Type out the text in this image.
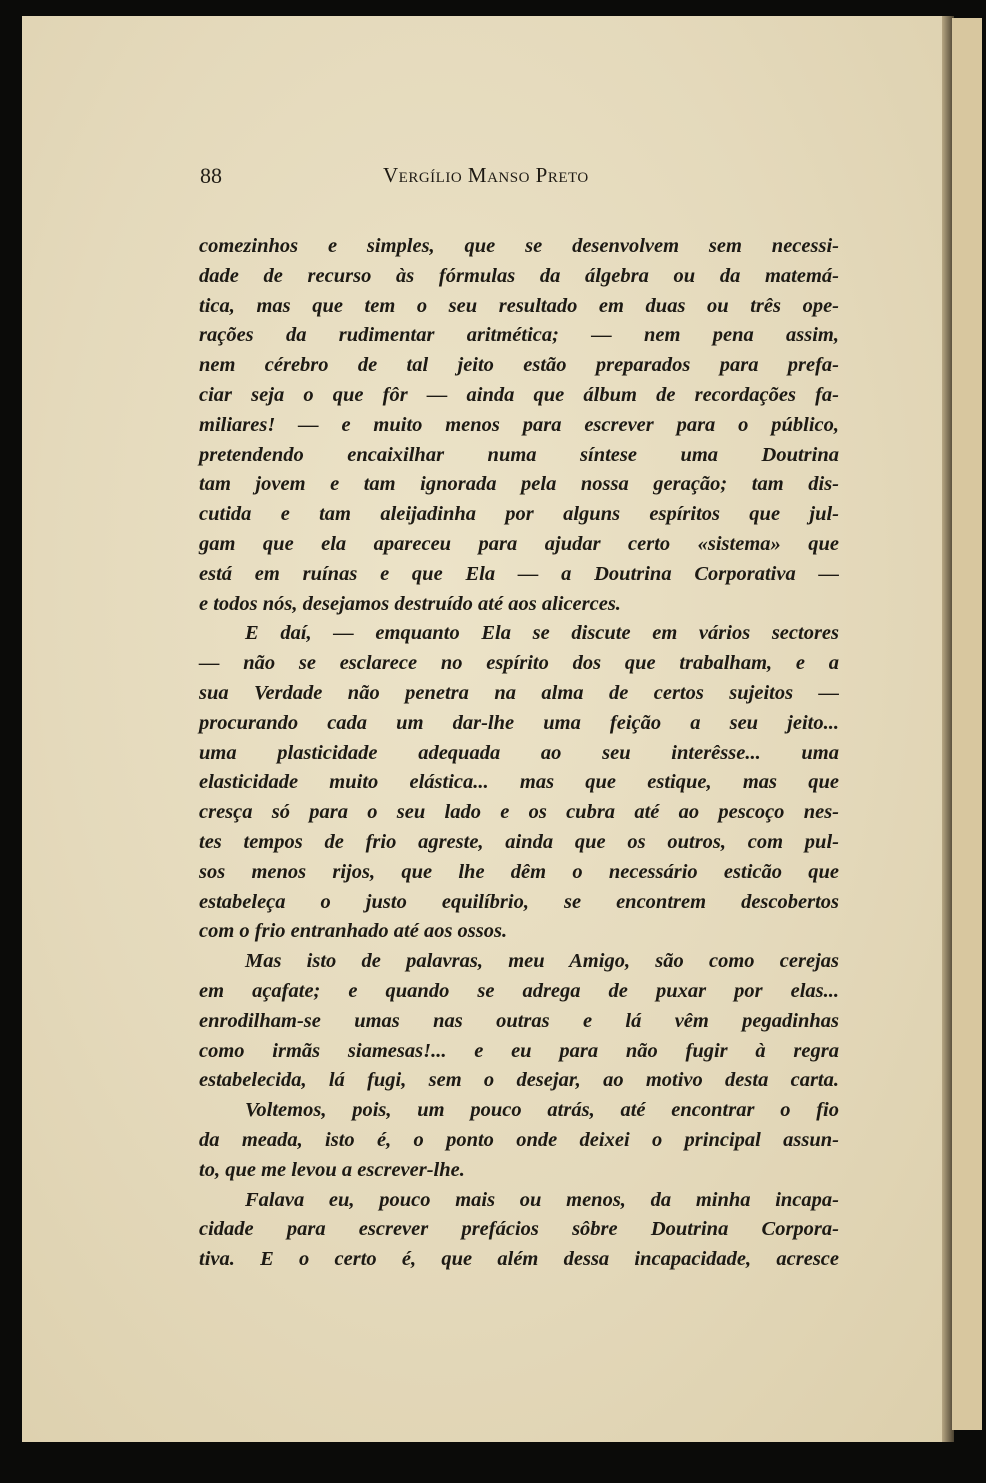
88	Vergílio Manso Preto
comezinhos e simples, que se desenvolvem sem necessi-
dade de recurso às fórmulas da álgebra ou da matemá-
tica, mas que tem o seu resultado em duas ou três ope-
rações da rudimentar aritmética; — nem pena assim,
nem cérebro de tal jeito estão preparados para prefa-
ciar seja o que fôr — ainda que álbum de recordações fa-
miliares! — e muito menos para escrever para o público,
pretendendo encaixilhar numa síntese uma Doutrina
tam jovem e tam ignorada pela nossa geração; tam dis-
cutida e tam aleijadinha por alguns espíritos que jul-
gam que ela apareceu para ajudar certo «sistema» que
está em ruínas e que Ela — a Doutrina Corporativa —
e todos nós, desejamos destruído até aos alicerces.
E daí, — emquanto Ela se discute em vários sectores
— não se esclarece no espírito dos que trabalham, e a
sua Verdade não penetra na alma de certos sujeitos —
procurando cada um dar-lhe uma feição a seu jeito...
uma plasticidade adequada ao seu interêsse... uma
elasticidade muito elástica... mas que estique, mas que
cresça só para o seu lado e os cubra até ao pescoço nes-
tes tempos de frio agreste, ainda que os outros, com pul-
sos menos rijos, que lhe dêm o necessário esticão que
estabeleça o justo equilíbrio, se encontrem descobertos
com o frio entranhado até aos ossos.
Mas isto de palavras, meu Amigo, são como cerejas
em açafate; e quando se adrega de puxar por elas...
enrodilham-se umas nas outras e lá vêm pegadinhas
como irmãs siamesas!... e eu para não fugir à regra
estabelecida, lá fugi, sem o desejar, ao motivo desta carta.
Voltemos, pois, um pouco atrás, até encontrar o fio
da meada, isto é, o ponto onde deixei o principal assun-
to, que me levou a escrever-lhe.
Falava eu, pouco mais ou menos, da minha incapa-
cidade para escrever prefácios sôbre Doutrina Corpora-
tiva. E o certo é, que além dessa incapacidade, acresce
